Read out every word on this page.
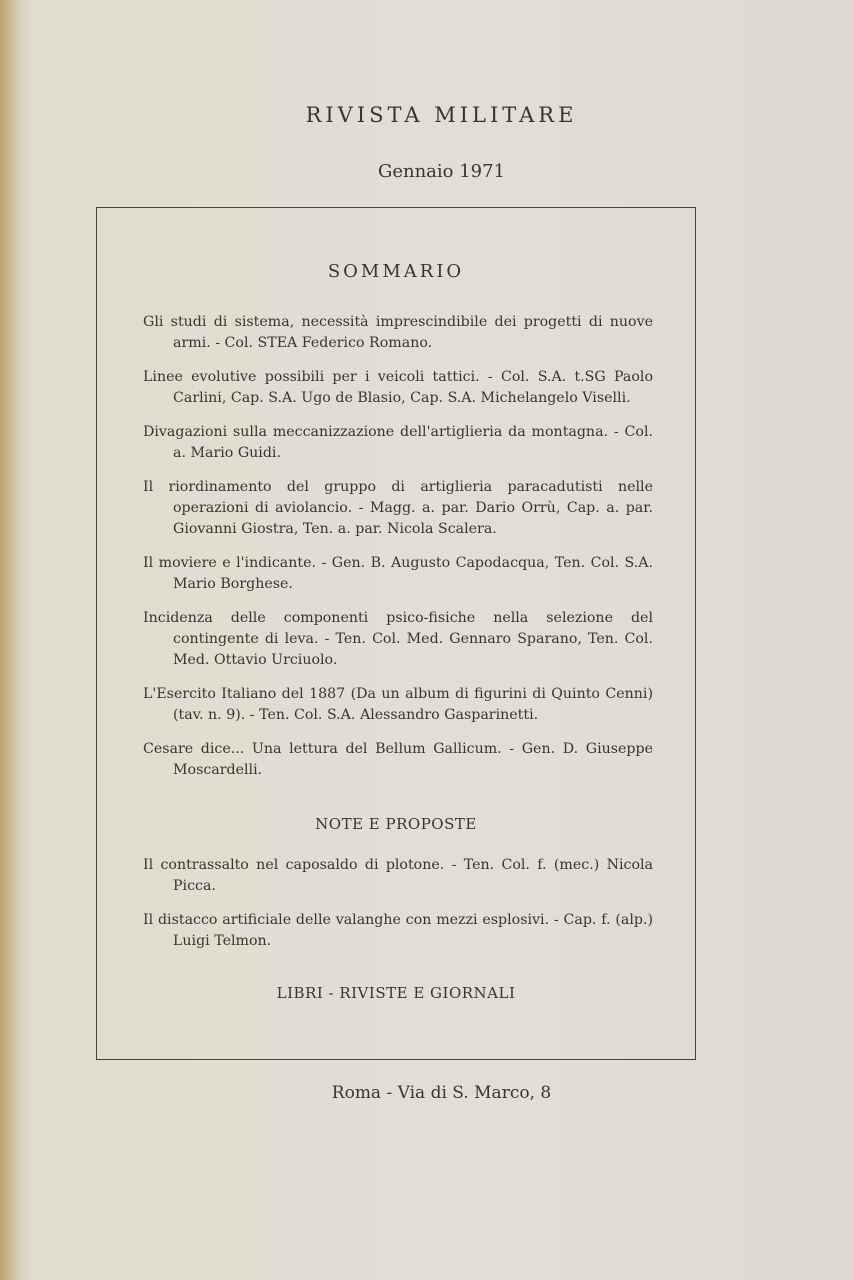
RIVISTA MILITARE
Gennaio 1971
SOMMARIO

Gli studi di sistema, necessità imprescindibile dei progetti di nuove armi. - Col. STEA Federico Romano.

Linee evolutive possibili per i veicoli tattici. - Col. S.A. t.SG Paolo Carlini, Cap. S.A. Ugo de Blasio, Cap. S.A. Michelangelo Viselli.

Divagazioni sulla meccanizzazione dell'artiglieria da montagna. - Col. a. Mario Guidi.

Il riordinamento del gruppo di artiglieria paracadutisti nelle operazioni di aviolancio. - Magg. a. par. Dario Orrù, Cap. a. par. Giovanni Giostra, Ten. a. par. Nicola Scalera.

Il moviere e l'indicante. - Gen. B. Augusto Capodacqua, Ten. Col. S.A. Mario Borghese.

Incidenza delle componenti psico-fisiche nella selezione del contingente di leva. - Ten. Col. Med. Gennaro Sparano, Ten. Col. Med. Ottavio Urciuolo.

L'Esercito Italiano del 1887 (Da un album di figurini di Quinto Cenni) (tav. n. 9). - Ten. Col. S.A. Alessandro Gasparinetti.

Cesare dice... Una lettura del Bellum Gallicum. - Gen. D. Giuseppe Moscardelli.

NOTE E PROPOSTE

Il contrassalto nel caposaldo di plotone. - Ten. Col. f. (mec.) Nicola Picca.

Il distacco artificiale delle valanghe con mezzi esplosivi. - Cap. f. (alp.) Luigi Telmon.

LIBRI - RIVISTE E GIORNALI
Roma - Via di S. Marco, 8
